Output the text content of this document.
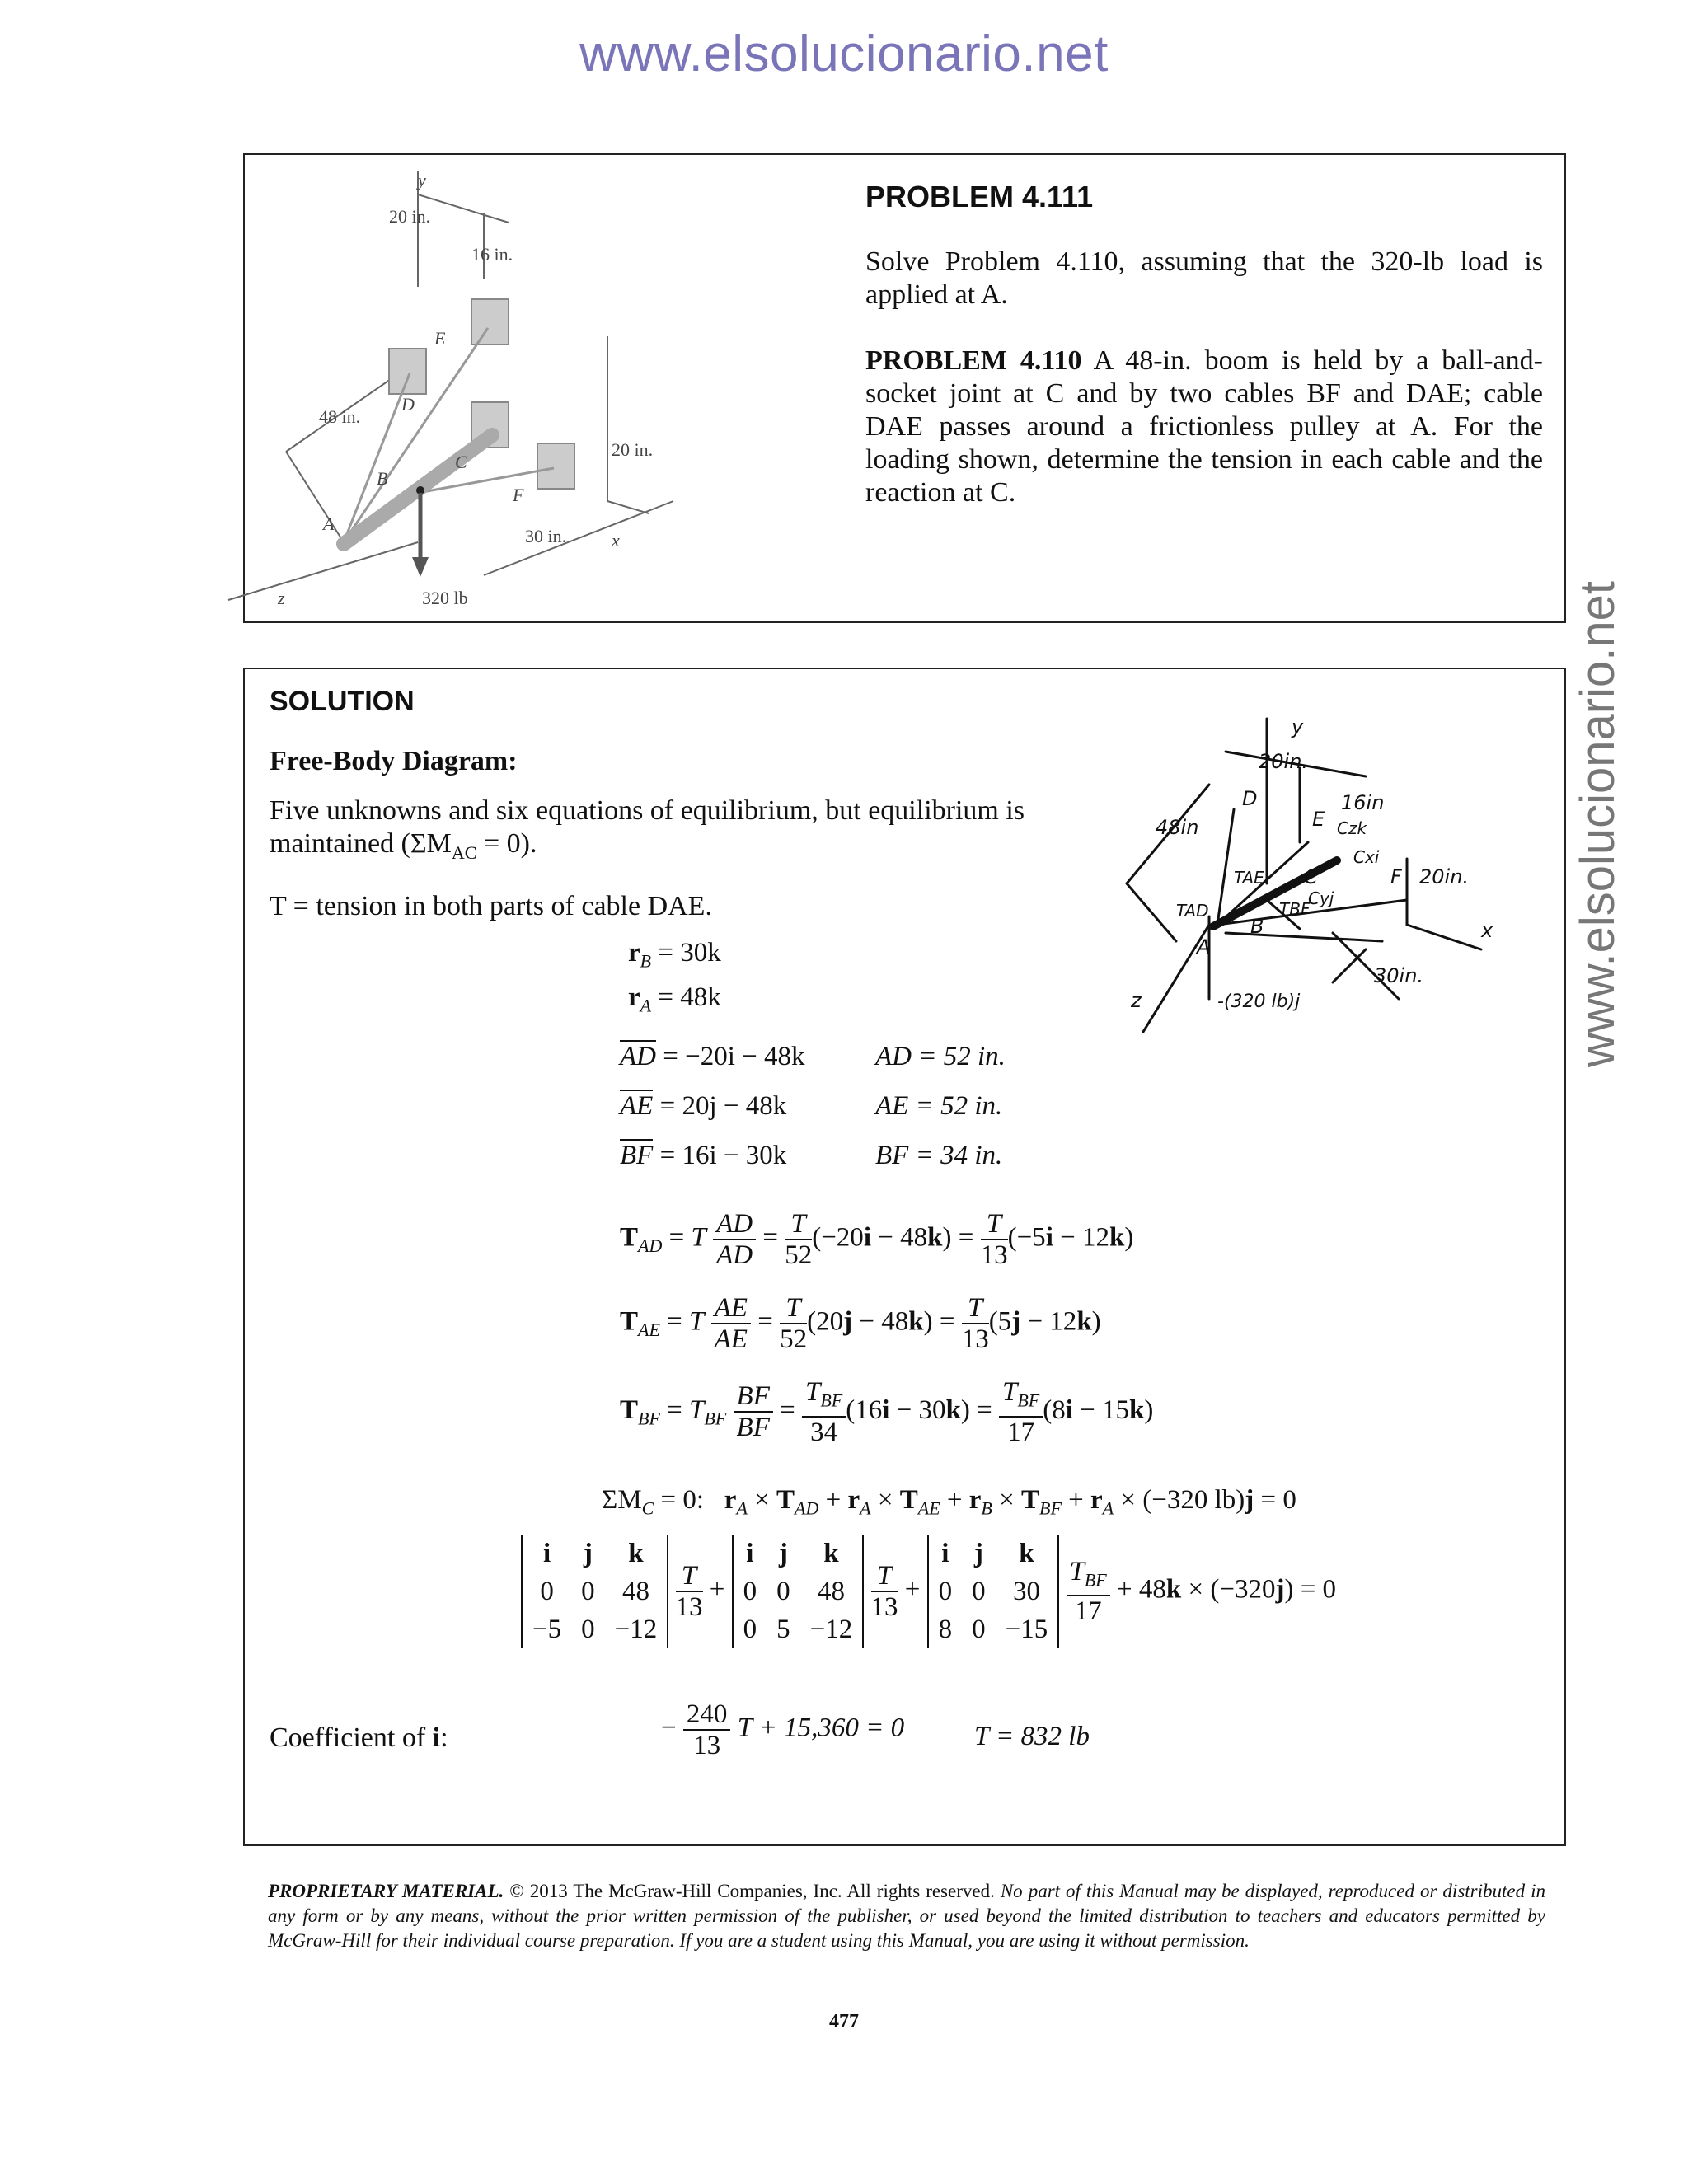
www.elsolucionario.net
www.elsolucionario.net
y
20 in.
16 in.
48 in.
20 in.
30 in. x
z	320 lb
A
B
C
D
E
F
PROBLEM 4.111
Solve Problem 4.110, assuming that the 320-lb load is applied at A.
PROBLEM 4.110 A 48-in. boom is held by a ball-and-socket joint at C and by two cables BF and DAE; cable DAE passes around a frictionless pulley at A. For the loading shown, determine the tension in each cable and the reaction at C.
SOLUTION
Free-Body Diagram:
Five unknowns and six equations of equilibrium, but equilibrium is maintained $(\Sigma M_{AC} = 0)$.
T = tension in both parts of cable DAE.
$r_B = 30k$
$r_A = 48k$
AD = −20i − 48k	AD = 52 in.
AE = 20j − 48k	AE = 52 in.
BF = 16i − 30k	BF = 34 in.
$T_{AD} = T \frac{AD}{AD} = \frac{T}{52} (-20i - 48k) = \frac{T}{13} (-5i - 12k)$
$T_{AE} = T \frac{AE}{AE} = \frac{T}{52} (20j - 48k) = \frac{T}{13} (5j - 12k)$
$T_{BF} = T_{BF} \frac{BF}{BF} = \frac{T_{BF}}{34} (16i - 30k) = \frac{T_{BF}}{17} (8i - 15k)$
$\Sigma M_C = 0$:   $r_A \times T_{AD} + r_A \times T_{AE} + r_B \times T_{BF} + r_A \times (-320$ lb)j = 0
i	j	k
0	0	48
−5	0	−12

$\frac{T}{13}$ +
i	j	k
0	0	48
0	5	−12

$\frac{T}{13}$ +
i	j	k
0	0	30
8	0	−15

$\frac{T_{BF}}{17} + 48k \times (-320j) = 0$
Coefficient of i:	− $\frac{240}{13}$ T + 15,360 = 0	T = 832 lb
y
20in.
16in
48in
20in.
30in.
E
D
C	F
B
A
x
z
Czk
Cxi
Cyj
TAD
TAE
TBF
-(320 lb)j
PROPRIETARY MATERIAL. © 2013 The McGraw-Hill Companies, Inc. All rights reserved. No part of this Manual may be displayed, reproduced or distributed in any form or by any means, without the prior written permission of the publisher, or used beyond the limited distribution to teachers and educators permitted by McGraw-Hill for their individual course preparation. If you are a student using this Manual, you are using it without permission.
477
